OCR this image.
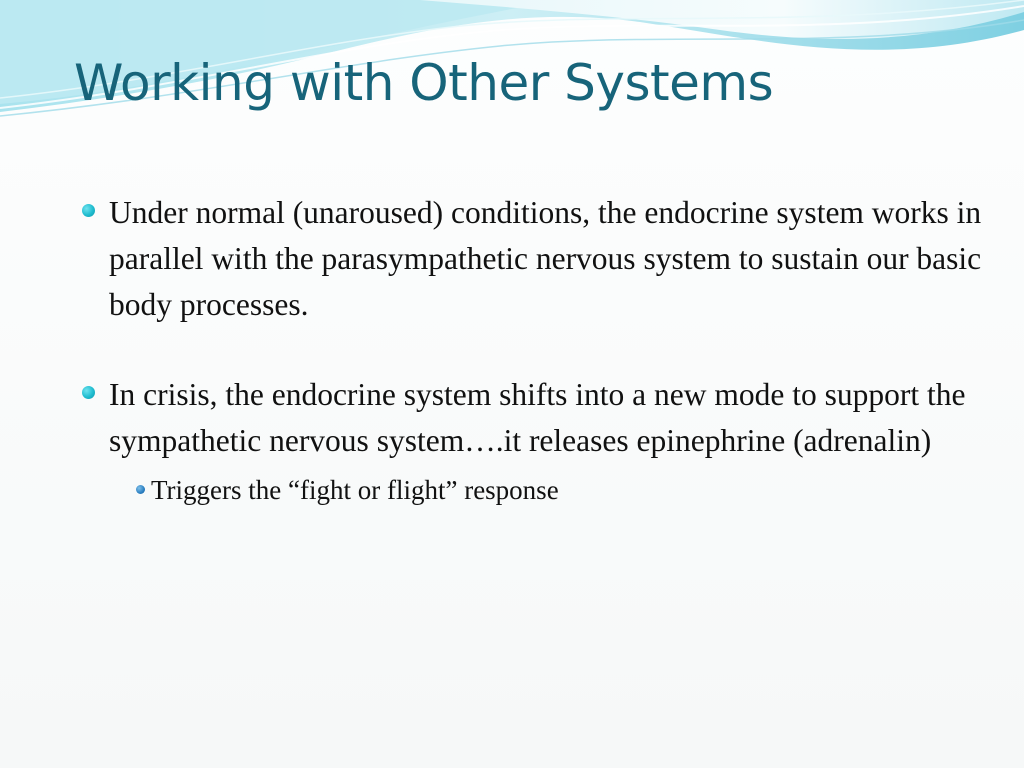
Working with Other Systems
Under normal (unaroused) conditions, the endocrine system works in parallel with the parasympathetic nervous system to sustain our basic body processes.
In crisis, the endocrine system shifts into a new mode to support the sympathetic nervous system….it releases epinephrine (adrenalin)
Triggers the “fight or flight” response
